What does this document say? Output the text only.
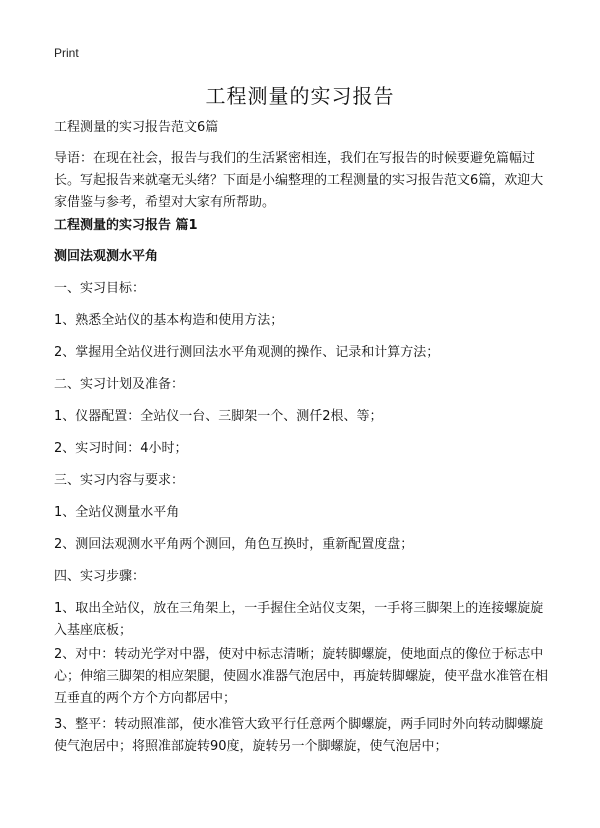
Print
工程测量的实习报告

工程测量的实习报告范文6篇

导语：在现在社会，报告与我们的生活紧密相连，我们在写报告的时候要避免篇幅过长。写起报告来就毫无头绪？下面是小编整理的工程测量的实习报告范文6篇，欢迎大家借鉴与参考，希望对大家有所帮助。

工程测量的实习报告 篇1

测回法观测水平角

一、实习目标：

1、熟悉全站仪的基本构造和使用方法；

2、掌握用全站仪进行测回法水平角观测的操作、记录和计算方法；

二、实习计划及准备：

1、仪器配置：全站仪一台、三脚架一个、测仟2根、等；

2、实习时间：4小时；

三、实习内容与要求：

1、全站仪测量水平角

2、测回法观测水平角两个测回，角色互换时，重新配置度盘；

四、实习步骤：

1、取出全站仪，放在三角架上，一手握住全站仪支架，一手将三脚架上的连接螺旋旋入基座底板；

2、对中：转动光学对中器，使对中标志清晰；旋转脚螺旋，使地面点的像位于标志中心；伸缩三脚架的相应架腿，使圆水准器气泡居中，再旋转脚螺旋，使平盘水准管在相互垂直的两个方个方向都居中；

3、整平：转动照准部，使水准管大致平行任意两个脚螺旋，两手同时外向转动脚螺旋使气泡居中；将照准部旋转90度，旋转另一个脚螺旋，使气泡居中；
